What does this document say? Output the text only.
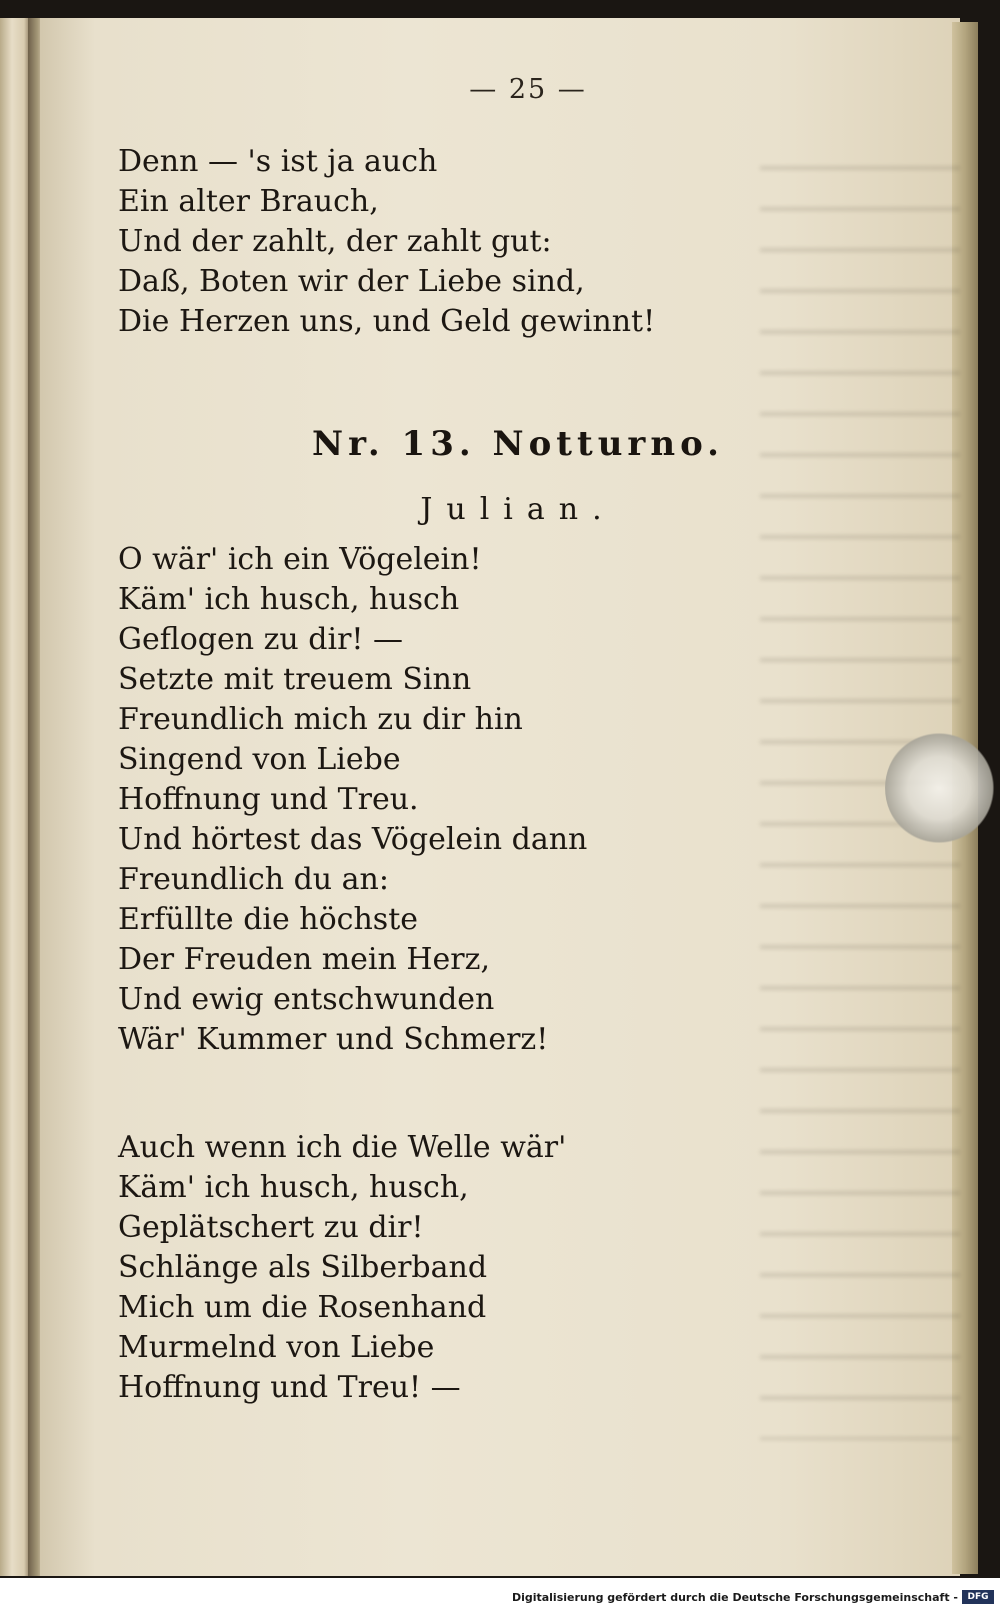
— 25 —
Denn — 's ist ja auch
Ein alter Brauch,
Und der zahlt, der zahlt gut:
Daß, Boten wir der Liebe sind,
Die Herzen uns, und Geld gewinnt!
Nr. 13. Notturno.
Julian.
O wär' ich ein Vögelein!
Käm' ich husch, husch
Geflogen zu dir! —
Setzte mit treuem Sinn
Freundlich mich zu dir hin
Singend von Liebe
Hoffnung und Treu.
Und hörtest das Vögelein dann
Freundlich du an:
Erfüllte die höchste
Der Freuden mein Herz,
Und ewig entschwunden
Wär' Kummer und Schmerz!
Auch wenn ich die Welle wär'
Käm' ich husch, husch,
Geplätschert zu dir!
Schlänge als Silberband
Mich um die Rosenhand
Murmelnd von Liebe
Hoffnung und Treu! —
Digitalisierung gefördert durch die Deutsche Forschungsgemeinschaft -	DFG
